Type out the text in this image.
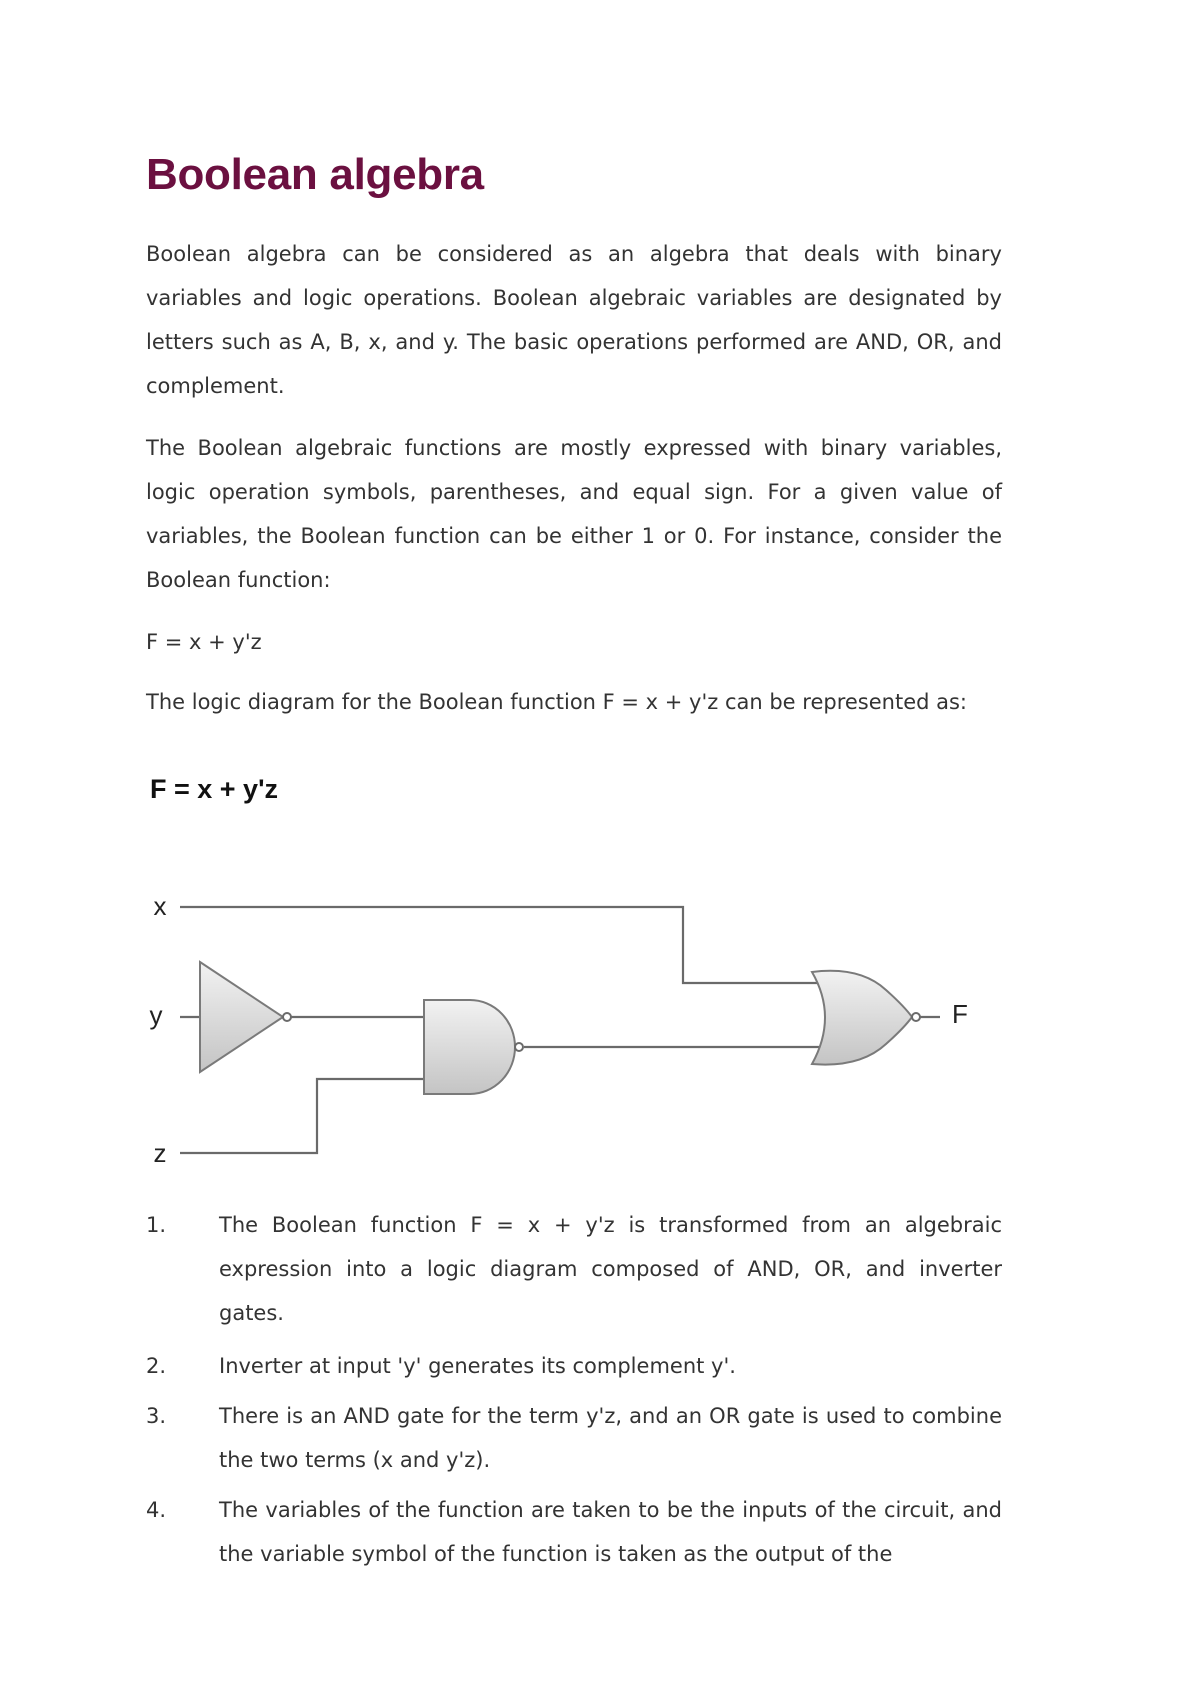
Boolean algebra

Boolean algebra can be considered as an algebra that deals with binary variables and logic operations. Boolean algebraic variables are designated by letters such as A, B, x, and y. The basic operations performed are AND, OR, and complement.

The Boolean algebraic functions are mostly expressed with binary variables, logic operation symbols, parentheses, and equal sign. For a given value of variables, the Boolean function can be either 1 or 0. For instance, consider the Boolean function:

F = x + y'z

The logic diagram for the Boolean function F = x + y'z can be represented as:

F = x + y'z
x
y
z
F
1.	The Boolean function F = x + y'z is transformed from an algebraic expression into a logic diagram composed of AND, OR, and inverter gates.
2.	Inverter at input 'y' generates its complement y'.
3.	There is an AND gate for the term y'z, and an OR gate is used to combine the two terms (x and y'z).
4.	The variables of the function are taken to be the inputs of the circuit, and the variable symbol of the function is taken as the output of the
